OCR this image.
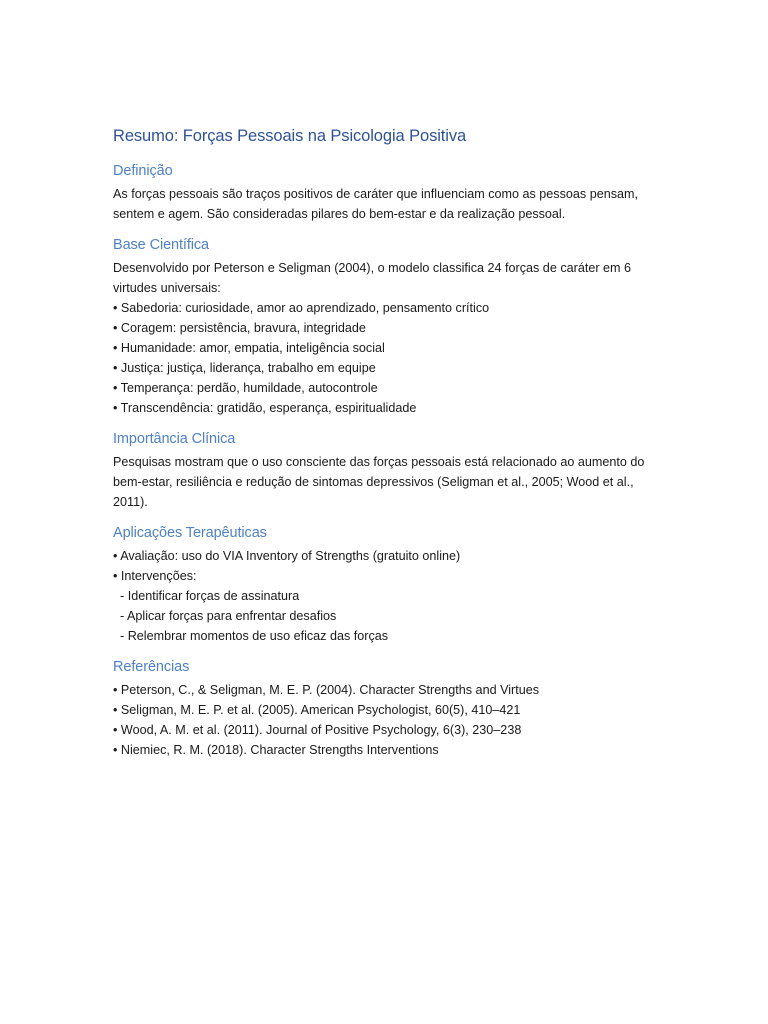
Resumo: Forças Pessoais na Psicologia Positiva
Definição

As forças pessoais são traços positivos de caráter que influenciam como as pessoas pensam,

sentem e agem. São consideradas pilares do bem-estar e da realização pessoal.

Base Científica

Desenvolvido por Peterson e Seligman (2004), o modelo classifica 24 forças de caráter em 6

virtudes universais:

• Sabedoria: curiosidade, amor ao aprendizado, pensamento crítico

• Coragem: persistência, bravura, integridade

• Humanidade: amor, empatia, inteligência social

• Justiça: justiça, liderança, trabalho em equipe

• Temperança: perdão, humildade, autocontrole

• Transcendência: gratidão, esperança, espiritualidade

Importância Clínica

Pesquisas mostram que o uso consciente das forças pessoais está relacionado ao aumento do

bem-estar, resiliência e redução de sintomas depressivos (Seligman et al., 2005; Wood et al.,

2011).

Aplicações Terapêuticas

• Avaliação: uso do VIA Inventory of Strengths (gratuito online)

• Intervenções:

- Identificar forças de assinatura

- Aplicar forças para enfrentar desafios

- Relembrar momentos de uso eficaz das forças

Referências

• Peterson, C., & Seligman, M. E. P. (2004). Character Strengths and Virtues

• Seligman, M. E. P. et al. (2005). American Psychologist, 60(5), 410–421

• Wood, A. M. et al. (2011). Journal of Positive Psychology, 6(3), 230–238

• Niemiec, R. M. (2018). Character Strengths Interventions
